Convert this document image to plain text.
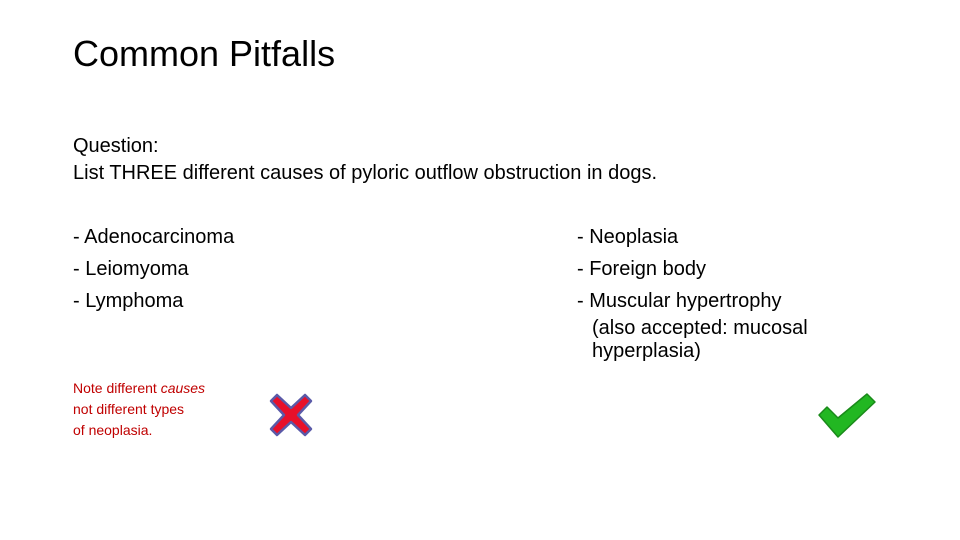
Common Pitfalls
Question:
List THREE different causes of pyloric outflow obstruction in dogs.
- Adenocarcinoma
- Leiomyoma
- Lymphoma
- Neoplasia
- Foreign body
- Muscular hypertrophy
(also accepted: mucosal
hyperplasia)
Note different causes
not different types
of neoplasia.
